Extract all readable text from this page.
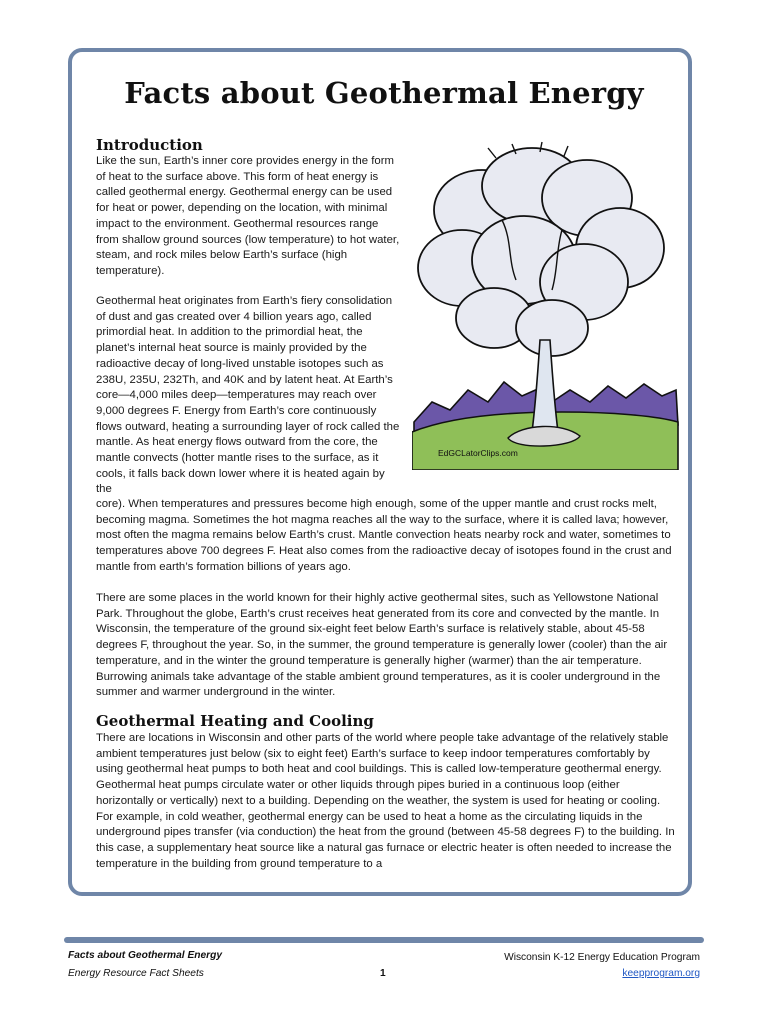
Facts about Geothermal Energy
Introduction

Like the sun, Earth’s inner core provides energy in the form of heat to the surface above. This form of heat energy is called geothermal energy. Geothermal energy can be used for heat or power, depending on the location, with minimal impact to the environment. Geothermal resources range from shallow ground sources (low temperature) to hot water, steam, and rock miles below Earth’s surface (high temperature).

Geothermal heat originates from Earth’s fiery consolidation of dust and gas created over 4 billion years ago, called primordial heat. In addition to the primordial heat, the planet’s internal heat source is mainly provided by the radioactive decay of long-lived unstable isotopes such as 238U, 235U, 232Th, and 40K and by latent heat. At Earth’s core—4,000 miles deep—temperatures may reach over 9,000 degrees F. Energy from Earth’s core continuously flows outward, heating a surrounding layer of rock called the mantle. As heat energy flows outward from the core, the mantle convects (hotter mantle rises to the surface, as it cools, it falls back down lower where it is heated again by the

core). When temperatures and pressures become high enough, some of the upper mantle and crust rocks melt, becoming magma. Sometimes the hot magma reaches all the way to the surface, where it is called lava; however, most often the magma remains below Earth’s crust. Mantle convection heats nearby rock and water, sometimes to temperatures above 700 degrees F. Heat also comes from the radioactive decay of isotopes found in the crust and mantle from earth’s formation billions of years ago.

There are some places in the world known for their highly active geothermal sites, such as Yellowstone National Park. Throughout the globe, Earth’s crust receives heat generated from its core and convected by the mantle. In Wisconsin, the temperature of the ground six-eight feet below Earth’s surface is relatively stable, about 45-58 degrees F, throughout the year. So, in the summer, the ground temperature is generally lower (cooler) than the air temperature, and in the winter the ground temperature is generally higher (warmer) than the air temperature. Burrowing animals take advantage of the stable ambient ground temperatures, as it is cooler underground in the summer and warmer underground in the winter.

Geothermal Heating and Cooling

There are locations in Wisconsin and other parts of the world where people take advantage of the relatively stable ambient temperatures just below (six to eight feet) Earth’s surface to keep indoor temperatures comfortably by using geothermal heat pumps to both heat and cool buildings. This is called low-temperature geothermal energy. Geothermal heat pumps circulate water or other liquids through pipes buried in a continuous loop (either horizontally or vertically) next to a building. Depending on the weather, the system is used for heating or cooling. For example, in cold weather, geothermal energy can be used to heat a home as the circulating liquids in the underground pipes transfer (via conduction) the heat from the ground (between 45-58 degrees F) to the building. In this case, a supplementary heat source like a natural gas furnace or electric heater is often needed to increase the temperature in the building from ground temperature to a

EdGCLatorClips.com

Facts about Geothermal Energy

Energy Resource Fact Sheets	1

Wisconsin K-12 Energy Education Program

keepprogram.org
